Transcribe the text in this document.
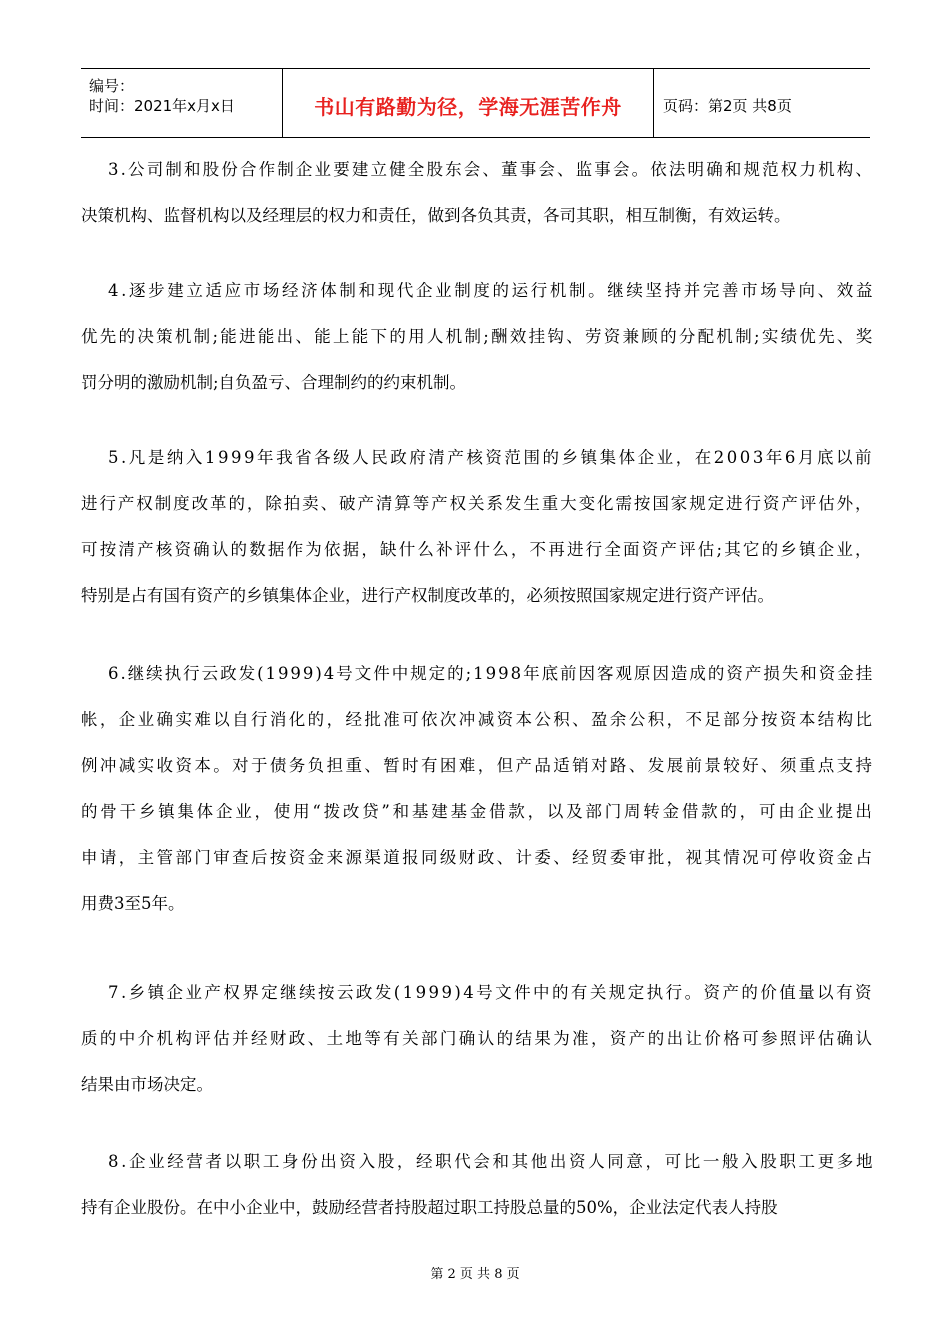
编号：
时间：2021年x月x日	书山有路勤为径，学海无涯苦作舟	页码：第2页 共8页
3.公司制和股份合作制企业要建立健全股东会、董事会、监事会。依法明确和规范权力机构、
决策机构、监督机构以及经理层的权力和责任，做到各负其责，各司其职，相互制衡，有效运转。
4.逐步建立适应市场经济体制和现代企业制度的运行机制。继续坚持并完善市场导向、效益
优先的决策机制;能进能出、能上能下的用人机制;酬效挂钩、劳资兼顾的分配机制;实绩优先、奖
罚分明的激励机制;自负盈亏、合理制约的约束机制。
5.凡是纳入1999年我省各级人民政府清产核资范围的乡镇集体企业，在2003年6月底以前
进行产权制度改革的，除拍卖、破产清算等产权关系发生重大变化需按国家规定进行资产评估外，
可按清产核资确认的数据作为依据，缺什么补评什么，不再进行全面资产评估;其它的乡镇企业，
特别是占有国有资产的乡镇集体企业，进行产权制度改革的，必须按照国家规定进行资产评估。
6.继续执行云政发(1999)4号文件中规定的;1998年底前因客观原因造成的资产损失和资金挂
帐，企业确实难以自行消化的，经批准可依次冲减资本公积、盈余公积，不足部分按资本结构比
例冲减实收资本。对于债务负担重、暂时有困难，但产品适销对路、发展前景较好、须重点支持
的骨干乡镇集体企业，使用“拨改贷”和基建基金借款，以及部门周转金借款的，可由企业提出
申请，主管部门审查后按资金来源渠道报同级财政、计委、经贸委审批，视其情况可停收资金占
用费3至5年。
7.乡镇企业产权界定继续按云政发(1999)4号文件中的有关规定执行。资产的价值量以有资
质的中介机构评估并经财政、土地等有关部门确认的结果为准，资产的出让价格可参照评估确认
结果由市场决定。
8.企业经营者以职工身份出资入股，经职代会和其他出资人同意，可比一般入股职工更多地
持有企业股份。在中小企业中，鼓励经营者持股超过职工持股总量的50%，企业法定代表人持股
第 2 页 共 8 页
